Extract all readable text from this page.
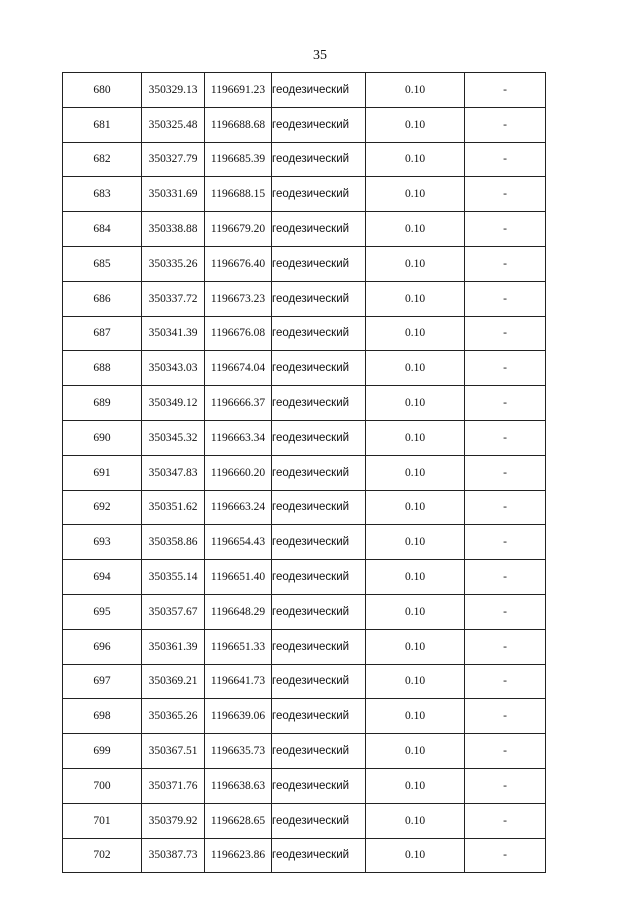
35
680	350329.13	1196691.23	геодезический	0.10	-
681	350325.48	1196688.68	геодезический	0.10	-
682	350327.79	1196685.39	геодезический	0.10	-
683	350331.69	1196688.15	геодезический	0.10	-
684	350338.88	1196679.20	геодезический	0.10	-
685	350335.26	1196676.40	геодезический	0.10	-
686	350337.72	1196673.23	геодезический	0.10	-
687	350341.39	1196676.08	геодезический	0.10	-
688	350343.03	1196674.04	геодезический	0.10	-
689	350349.12	1196666.37	геодезический	0.10	-
690	350345.32	1196663.34	геодезический	0.10	-
691	350347.83	1196660.20	геодезический	0.10	-
692	350351.62	1196663.24	геодезический	0.10	-
693	350358.86	1196654.43	геодезический	0.10	-
694	350355.14	1196651.40	геодезический	0.10	-
695	350357.67	1196648.29	геодезический	0.10	-
696	350361.39	1196651.33	геодезический	0.10	-
697	350369.21	1196641.73	геодезический	0.10	-
698	350365.26	1196639.06	геодезический	0.10	-
699	350367.51	1196635.73	геодезический	0.10	-
700	350371.76	1196638.63	геодезический	0.10	-
701	350379.92	1196628.65	геодезический	0.10	-
702	350387.73	1196623.86	геодезический	0.10	-
